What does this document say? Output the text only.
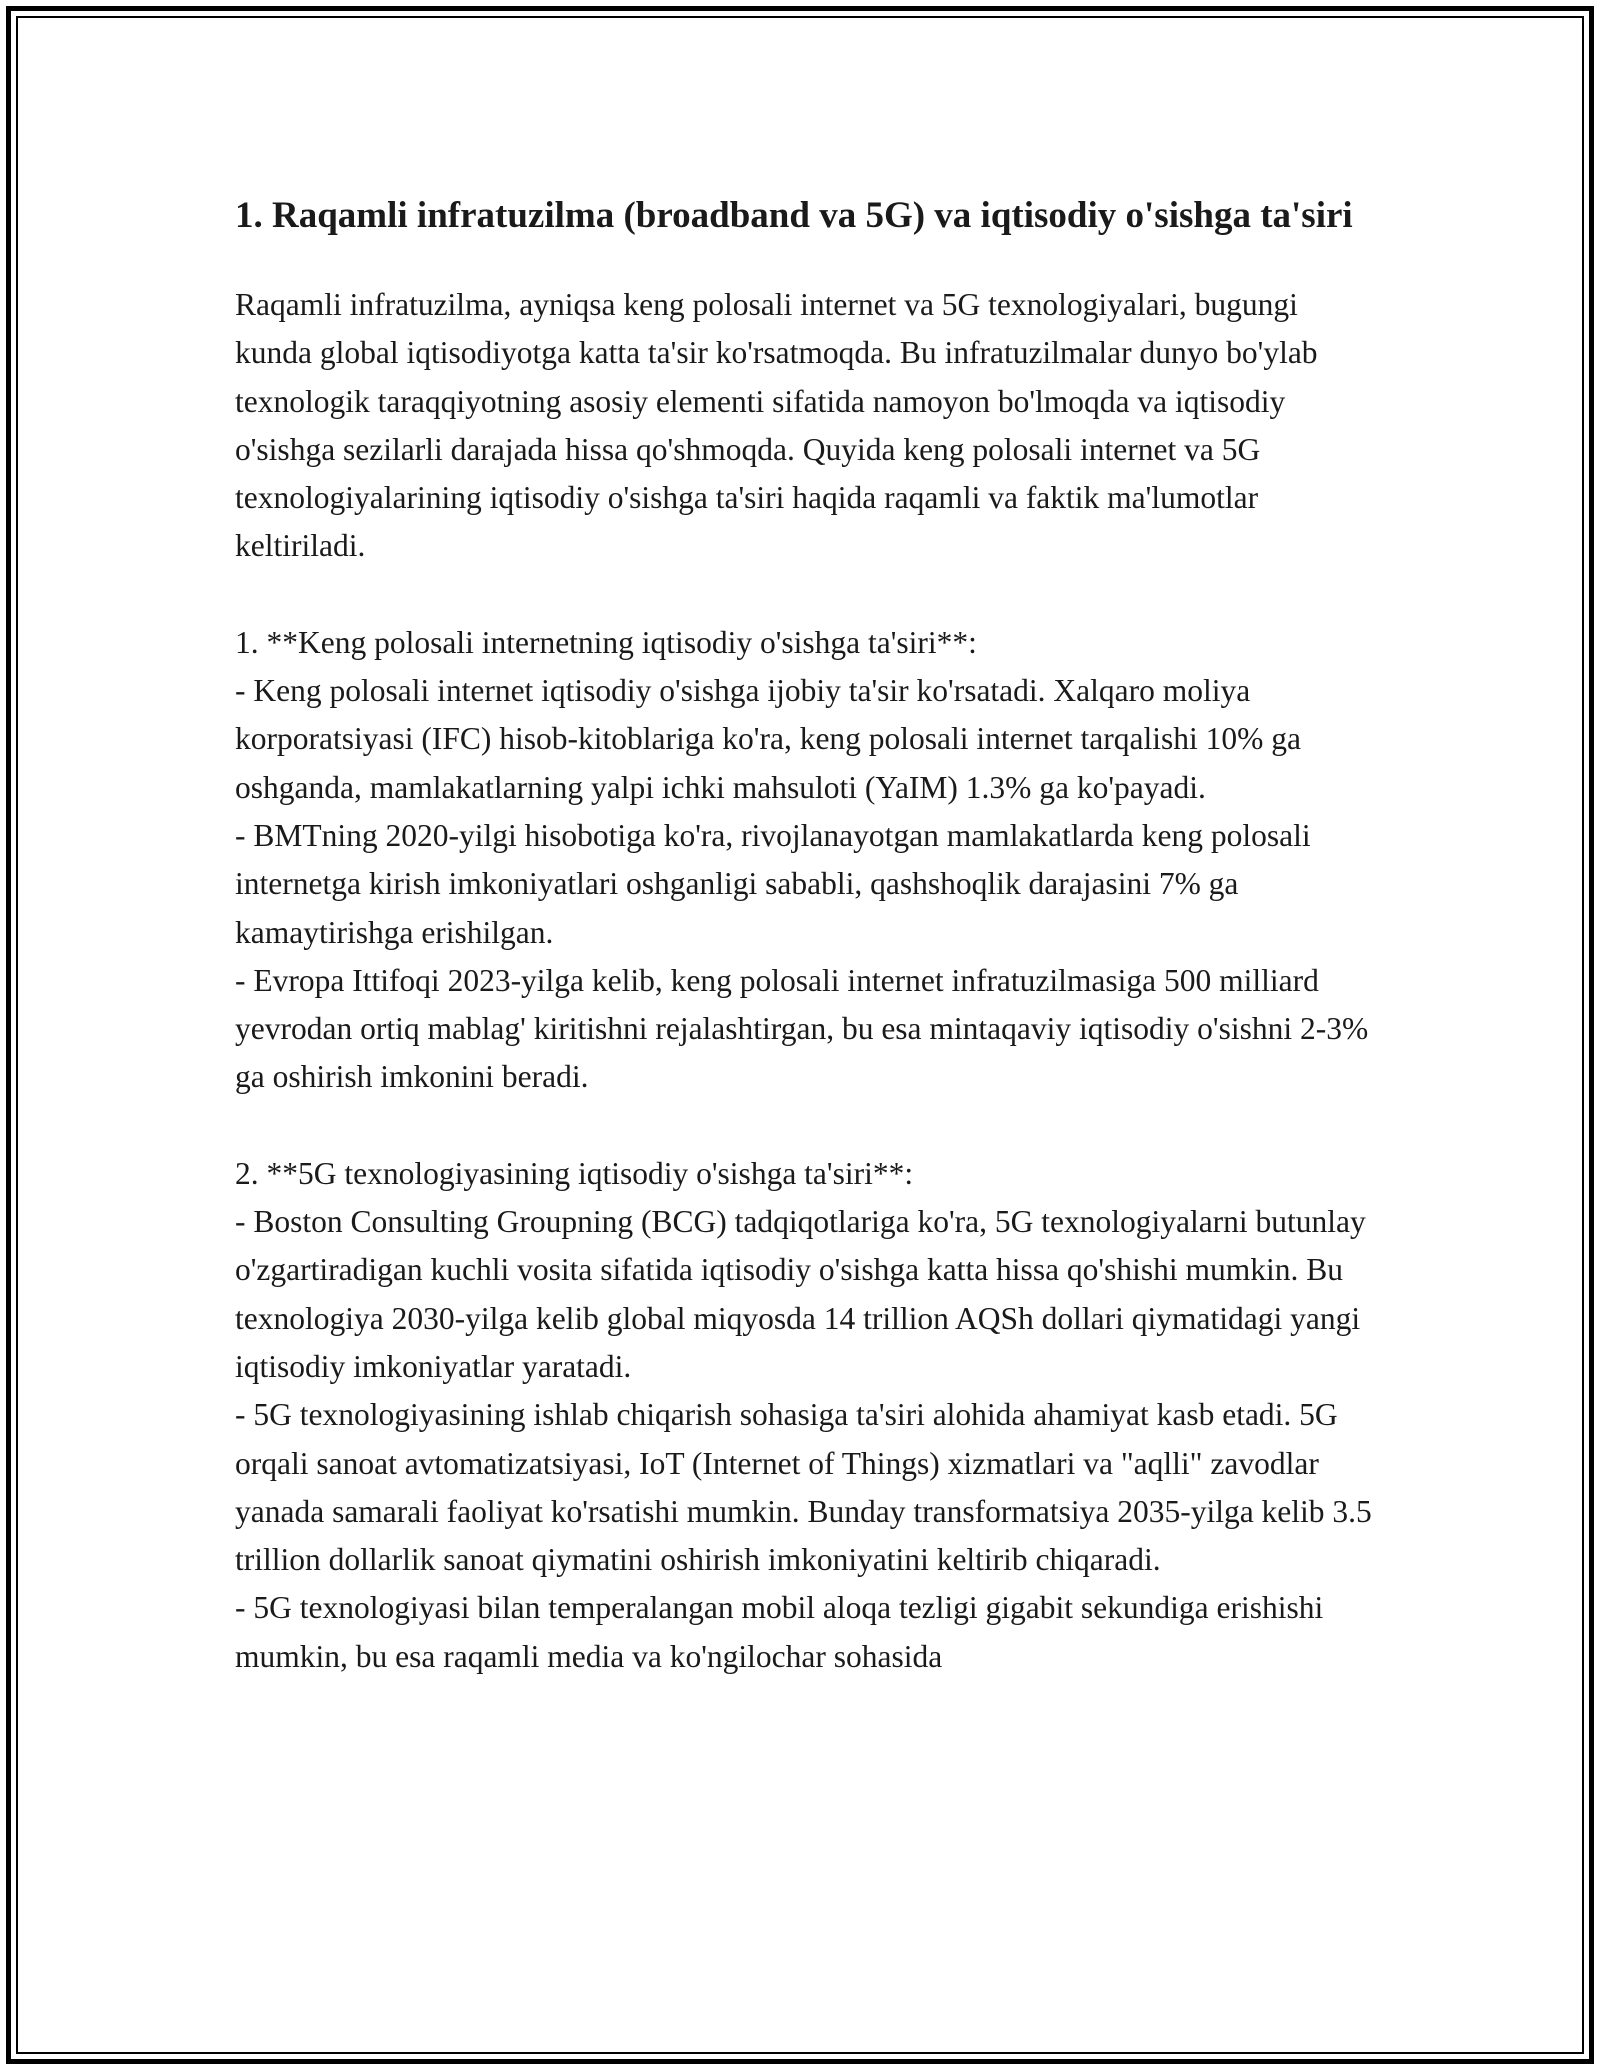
1. Raqamli infratuzilma (broadband va 5G) va iqtisodiy o'sishga ta'siri

Raqamli infratuzilma, ayniqsa keng polosali internet va 5G texnologiyalari, bugungi kunda global iqtisodiyotga katta ta'sir ko'rsatmoqda. Bu infratuzilmalar dunyo bo'ylab texnologik taraqqiyotning asosiy elementi sifatida namoyon bo'lmoqda va iqtisodiy o'sishga sezilarli darajada hissa qo'shmoqda. Quyida keng polosali internet va 5G texnologiyalarining iqtisodiy o'sishga ta'siri haqida raqamli va faktik ma'lumotlar keltiriladi.

1. **Keng polosali internetning iqtisodiy o'sishga ta'siri**:
- Keng polosali internet iqtisodiy o'sishga ijobiy ta'sir ko'rsatadi. Xalqaro moliya korporatsiyasi (IFC) hisob-kitoblariga ko'ra, keng polosali internet tarqalishi 10% ga oshganda, mamlakatlarning yalpi ichki mahsuloti (YaIM) 1.3% ga ko'payadi.
- BMTning 2020-yilgi hisobotiga ko'ra, rivojlanayotgan mamlakatlarda keng polosali internetga kirish imkoniyatlari oshganligi sababli, qashshoqlik darajasini 7% ga kamaytirishga erishilgan.
- Evropa Ittifoqi 2023-yilga kelib, keng polosali internet infratuzilmasiga 500 milliard yevrodan ortiq mablag' kiritishni rejalashtirgan, bu esa mintaqaviy iqtisodiy o'sishni 2-3% ga oshirish imkonini beradi.

2. **5G texnologiyasining iqtisodiy o'sishga ta'siri**:
- Boston Consulting Groupning (BCG) tadqiqotlariga ko'ra, 5G texnologiyalarni butunlay o'zgartiradigan kuchli vosita sifatida iqtisodiy o'sishga katta hissa qo'shishi mumkin. Bu texnologiya 2030-yilga kelib global miqyosda 14 trillion AQSh dollari qiymatidagi yangi iqtisodiy imkoniyatlar yaratadi.
- 5G texnologiyasining ishlab chiqarish sohasiga ta'siri alohida ahamiyat kasb etadi. 5G orqali sanoat avtomatizatsiyasi, IoT (Internet of Things) xizmatlari va "aqlli" zavodlar yanada samarali faoliyat ko'rsatishi mumkin. Bunday transformatsiya 2035-yilga kelib 3.5 trillion dollarlik sanoat qiymatini oshirish imkoniyatini keltirib chiqaradi.
- 5G texnologiyasi bilan temperalangan mobil aloqa tezligi gigabit sekundiga erishishi mumkin, bu esa raqamli media va ko'ngilochar sohasida
